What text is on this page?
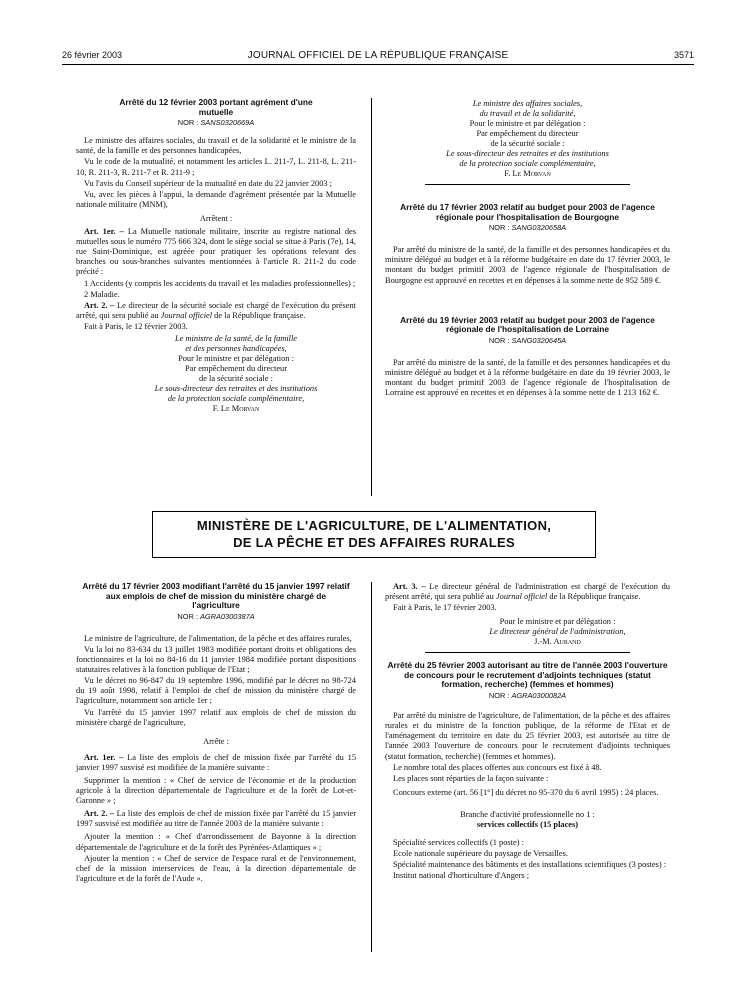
26 février 2003	JOURNAL OFFICIEL DE LA RÉPUBLIQUE FRANÇAISE	3571
Arrêté du 12 février 2003 portant agrément d'une mutuelle
NOR : SANS0320669A

Le ministre des affaires sociales, du travail et de la solidarité et le ministre de la santé, de la famille et des personnes handicapées,

Vu le code de la mutualité, et notamment les articles L. 211-7, L. 211-8, L. 211-10, R. 211-3, R. 211-7 et R. 211-9 ;

Vu l'avis du Conseil supérieur de la mutualité en date du 22 janvier 2003 ;

Vu, avec les pièces à l'appui, la demande d'agrément présentée par la Mutuelle nationale militaire (MNM),

Arrêtent :

Art. 1er. – La Mutuelle nationale militaire, inscrite au registre national des mutuelles sous le numéro 775 666 324, dont le siège social se situe à Paris (7e), 14, rue Saint-Dominique, est agréée pour pratiquer les opérations relevant des branches ou sous-branches suivantes mentionnées à l'article R. 211-2 du code précité :

1 Accidents (y compris les accidents du travail et les maladies professionnelles) ;

2 Maladie.

Art. 2. – Le directeur de la sécurité sociale est chargé de l'exécution du présent arrêté, qui sera publié au Journal officiel de la République française.

Fait à Paris, le 12 février 2003.

Le ministre de la santé, de la famille

et des personnes handicapées,

Pour le ministre et par délégation :

Par empêchement du directeur

de la sécurité sociale :

Le sous-directeur des retraites et des institutions

de la protection sociale complémentaire,

F. Le Morvan

Le ministre des affaires sociales,

du travail et de la solidarité,

Pour le ministre et par délégation :

Par empêchement du directeur

de la sécurité sociale :

Le sous-directeur des retraites et des institutions

de la protection sociale complémentaire,

F. Le Morvan

Arrêté du 17 février 2003 relatif au budget pour 2003 de l'agence régionale pour l'hospitalisation de Bourgogne
NOR : SANG0320658A

Par arrêté du ministre de la santé, de la famille et des personnes handicapées et du ministre délégué au budget et à la réforme budgétaire en date du 17 février 2003, le montant du budget primitif 2003 de l'agence régionale de l'hospitalisation de Bourgogne est approuvé en recettes et en dépenses à la somme nette de 952 589 €.

Arrêté du 19 février 2003 relatif au budget pour 2003 de l'agence régionale de l'hospitalisation de Lorraine
NOR : SANG0320645A

Par arrêté du ministre de la santé, de la famille et des personnes handicapées et du ministre délégué au budget et à la réforme budgétaire en date du 19 février 2003, le montant du budget primitif 2003 de l'agence régionale de l'hospitalisation de Lorraine est approuvé en recettes et en dépenses à la somme nette de 1 213 162 €.

MINISTÈRE DE L'AGRICULTURE, DE L'ALIMENTATION,
DE LA PÊCHE ET DES AFFAIRES RURALES
Arrêté du 17 février 2003 modifiant l'arrêté du 15 janvier 1997 relatif aux emplois de chef de mission du ministère chargé de l'agriculture
NOR : AGRA0300387A

Le ministre de l'agriculture, de l'alimentation, de la pêche et des affaires rurales,

Vu la loi no 83-634 du 13 juillet 1983 modifiée portant droits et obligations des fonctionnaires et la loi no 84-16 du 11 janvier 1984 modifiée portant dispositions statutaires relatives à la fonction publique de l'Etat ;

Vu le décret no 96-847 du 19 septembre 1996, modifié par le décret no 98-724 du 19 août 1998, relatif à l'emploi de chef de mission du ministère chargé de l'agriculture, notamment son article 1er ;

Vu l'arrêté du 15 janvier 1997 relatif aux emplois de chef de mission du ministère chargé de l'agriculture,

Arrête :

Art. 1er. – La liste des emplois de chef de mission fixée par l'arrêté du 15 janvier 1997 susvisé est modifiée de la manière suivante :

Supprimer la mention : « Chef de service de l'économie et de la production agricole à la direction départementale de l'agriculture et de la forêt de Lot-et-Garonne » ;

Art. 2. – La liste des emplois de chef de mission fixée par l'arrêté du 15 janvier 1997 susvisé est modifiée au titre de l'année 2003 de la manière suivante :

Ajouter la mention : « Chef d'arrondissement de Bayonne à la direction départementale de l'agriculture et de la forêt des Pyrénées-Atlantiques » ;

Ajouter la mention : « Chef de service de l'espace rural et de l'environnement, chef de la mission interservices de l'eau, à la direction départementale de l'agriculture et de la forêt de l'Aude ».

Art. 3. – Le directeur général de l'administration est chargé de l'exécution du présent arrêté, qui sera publié au Journal officiel de la République française.

Fait à Paris, le 17 février 2003.

Pour le ministre et par délégation :

Le directeur général de l'administration,

J.-M. Aurand

Arrêté du 25 février 2003 autorisant au titre de l'année 2003 l'ouverture de concours pour le recrutement d'adjoints techniques (statut formation, recherche) (femmes et hommes)
NOR : AGRA0300082A

Par arrêté du ministre de l'agriculture, de l'alimentation, de la pêche et des affaires rurales et du ministre de la fonction publique, de la réforme de l'Etat et de l'aménagement du territoire en date du 25 février 2003, est autorisée au titre de l'année 2003 l'ouverture de concours pour le recrutement d'adjoints techniques (statut formation, recherche) (femmes et hommes).

Le nombre total des places offertes aux concours est fixé à 48.

Les places sont réparties de la façon suivante :

Concours externe (art. 56 [1°] du décret no 95-370 du 6 avril 1995) : 24 places.

Branche d'activité professionnelle no 1 :

services collectifs (15 places)

Spécialité services collectifs (1 poste) :

Ecole nationale supérieure du paysage de Versailles.

Spécialité maintenance des bâtiments et des installations scientifiques (3 postes) :

Institut national d'horticulture d'Angers ;
